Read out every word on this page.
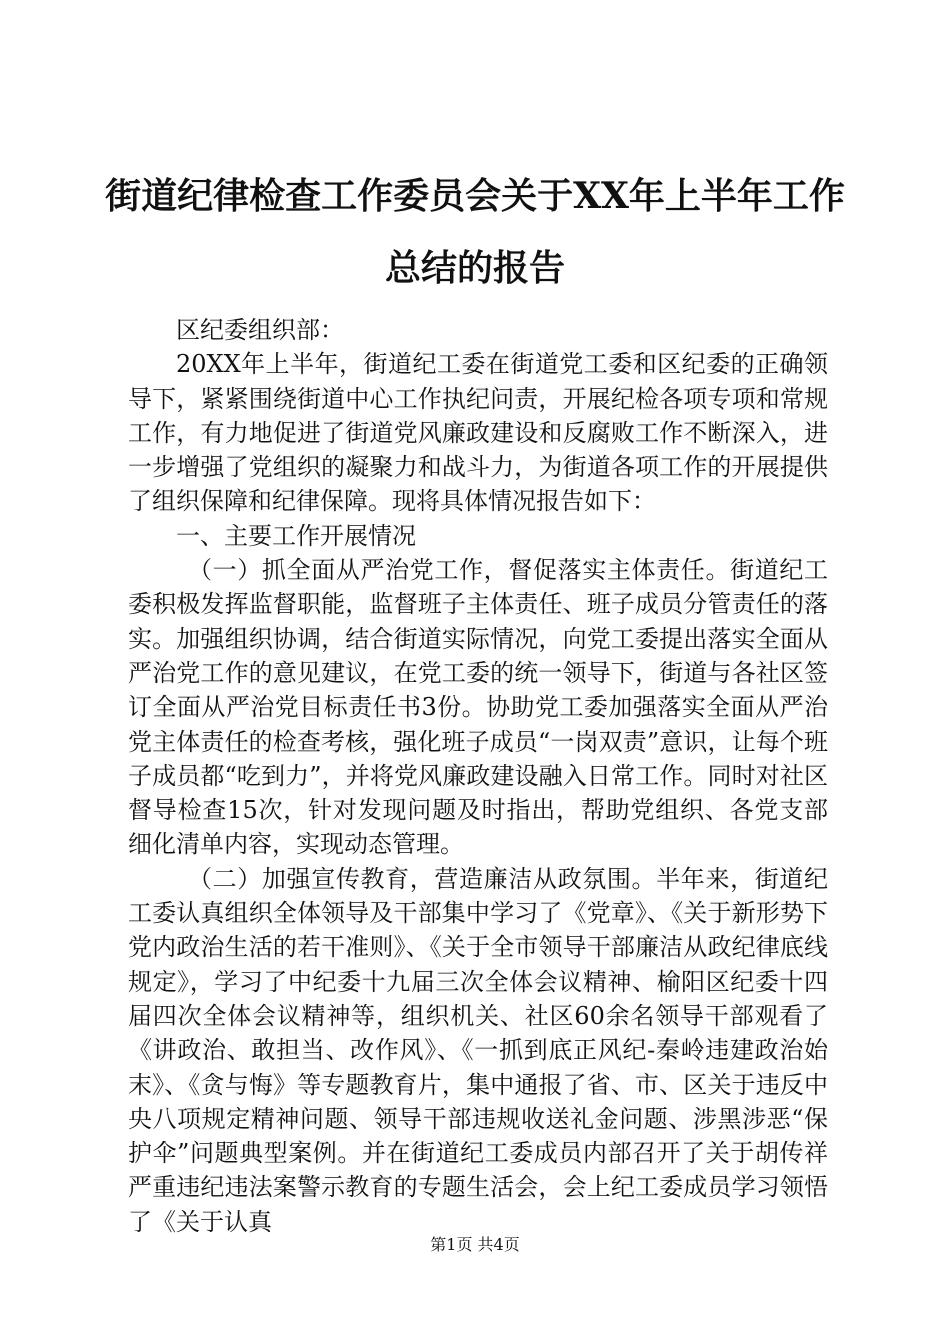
街道纪律检查工作委员会关于XX年上半年工作总结的报告

区纪委组织部：

20XX年上半年，街道纪工委在街道党工委和区纪委的正确领导下，紧紧围绕街道中心工作执纪问责，开展纪检各项专项和常规工作，有力地促进了街道党风廉政建设和反腐败工作不断深入，进一步增强了党组织的凝聚力和战斗力，为街道各项工作的开展提供了组织保障和纪律保障。现将具体情况报告如下：

一、主要工作开展情况

（一）抓全面从严治党工作，督促落实主体责任。街道纪工委积极发挥监督职能，监督班子主体责任、班子成员分管责任的落实。加强组织协调，结合街道实际情况，向党工委提出落实全面从严治党工作的意见建议，在党工委的统一领导下，街道与各社区签订全面从严治党目标责任书3份。协助党工委加强落实全面从严治党主体责任的检查考核，强化班子成员“一岗双责”意识，让每个班子成员都“吃到力”，并将党风廉政建设融入日常工作。同时对社区督导检查15次，针对发现问题及时指出，帮助党组织、各党支部细化清单内容，实现动态管理。

（二）加强宣传教育，营造廉洁从政氛围。半年来，街道纪工委认真组织全体领导及干部集中学习了《党章》、《关于新形势下党内政治生活的若干准则》、《关于全市领导干部廉洁从政纪律底线规定》，学习了中纪委十九届三次全体会议精神、榆阳区纪委十四届四次全体会议精神等，组织机关、社区60余名领导干部观看了《讲政治、敢担当、改作风》、《一抓到底正风纪-秦岭违建政治始末》、《贪与悔》等专题教育片，集中通报了省、市、区关于违反中央八项规定精神问题、领导干部违规收送礼金问题、涉黑涉恶“保护伞”问题典型案例。并在街道纪工委成员内部召开了关于胡传祥严重违纪违法案警示教育的专题生活会，会上纪工委成员学习领悟了《关于认真

第1页 共4页
